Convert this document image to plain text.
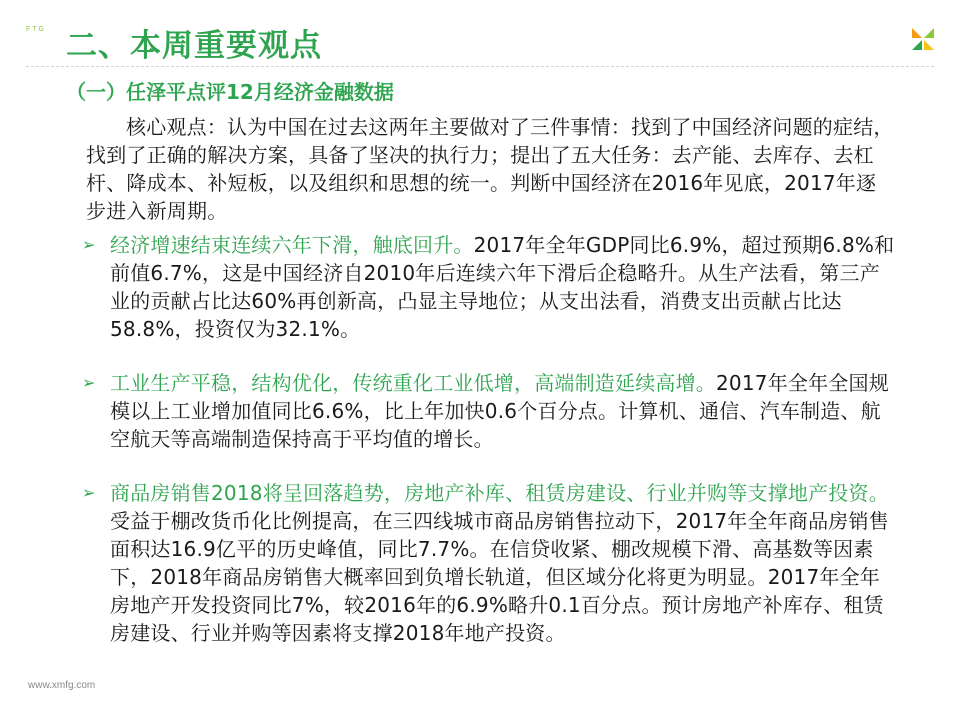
FTG 二、本周重要观点
（一）任泽平点评12月经济金融数据

核心观点：认为中国在过去这两年主要做对了三件事情：找到了中国经济问题的症结，找到了正确的解决方案，具备了坚决的执行力；提出了五大任务：去产能、去库存、去杠杆、降成本、补短板，以及组织和思想的统一。判断中国经济在2016年见底，2017年逐步进入新周期。

➢ 经济增速结束连续六年下滑，触底回升。2017年全年GDP同比6.9%，超过预期6.8%和前值6.7%，这是中国经济自2010年后连续六年下滑后企稳略升。从生产法看，第三产业的贡献占比达60%再创新高，凸显主导地位；从支出法看，消费支出贡献占比达58.8%，投资仅为32.1%。

➢ 工业生产平稳，结构优化，传统重化工业低增，高端制造延续高增。2017年全年全国规模以上工业增加值同比6.6%，比上年加快0.6个百分点。计算机、通信、汽车制造、航空航天等高端制造保持高于平均值的增长。

➢ 商品房销售2018将呈回落趋势，房地产补库、租赁房建设、行业并购等支撑地产投资。受益于棚改货币化比例提高，在三四线城市商品房销售拉动下，2017年全年商品房销售面积达16.9亿平的历史峰值，同比7.7%。在信贷收紧、棚改规模下滑、高基数等因素下，2018年商品房销售大概率回到负增长轨道，但区域分化将更为明显。2017年全年房地产开发投资同比7%，较2016年的6.9%略升0.1百分点。预计房地产补库存、租赁房建设、行业并购等因素将支撑2018年地产投资。

www.xmfg.com
